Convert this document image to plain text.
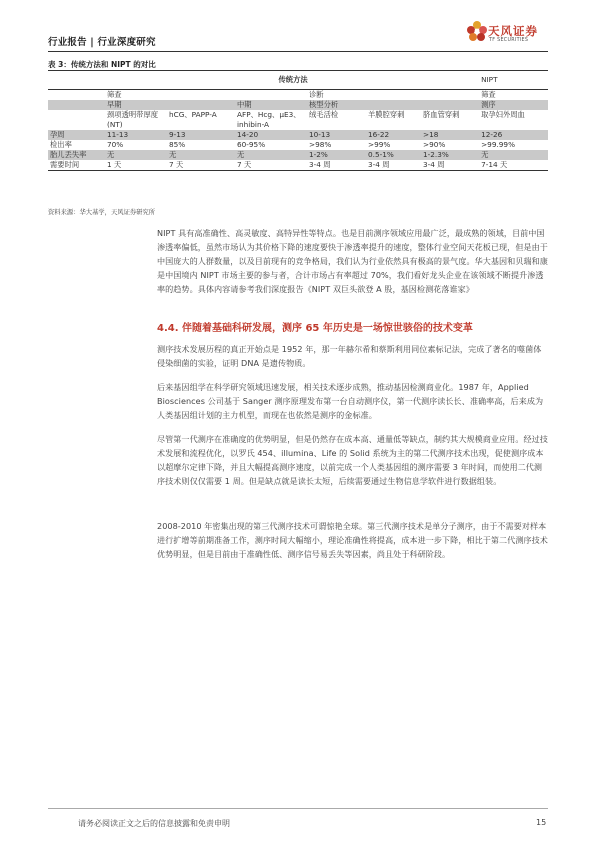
行业报告 | 行业深度研究
天风证券
TF SECURITIES
表 3：传统方法和 NIPT 的对比
	传统方法						NIPT
	筛查			诊断			筛查
	早期		中期	核型分析			测序
	颈项透明带厚度(NT)	hCG、PAPP-A	AFP、Hcg、μE3、inhibin-A	绒毛活检	羊膜腔穿刺	脐血管穿刺	取孕妇外周血
孕周	11-13	9-13	14-20	10-13	16-22	>18	12-26
检出率	70%	85%	60-95%	>98%	>99%	>90%	>99.99%
胎儿丢失率	无	无	无	1-2%	0.5-1%	1-2.3%	无
需要时间	1 天	7 天	7 天	3-4 周	3-4 周	3-4 周	7-14 天
资料来源：华大基学，天风证券研究所
NIPT 具有高准确性、高灵敏度、高特异性等特点。也是目前测序领域应用最广泛，最成熟的领域，目前中国渗透率偏低，虽然市场认为其价格下降的速度要快于渗透率提升的速度，整体行业空间天花板已现，但是由于中国庞大的人群数量，以及目前现有的竞争格局，我们认为行业依然具有极高的景气度。华大基因和贝瑞和康是中国境内 NIPT 市场主要的参与者，合计市场占有率超过 70%，我们看好龙头企业在该领域不断提升渗透率的趋势。具体内容请参考我们深度报告《NIPT 双巨头欲登 A 股，基因检测花落谁家》
4.4. 伴随着基础科研发展，测序 65 年历史是一场惊世骇俗的技术变革
测序技术发展历程的真正开始点是 1952 年，那一年赫尔希和蔡斯利用同位素标记法，完成了著名的噬菌体侵染细菌的实验，证明 DNA 是遗传物质。
后来基因组学在科学研究领域迅速发展，相关技术逐步成熟，推动基因检测商业化。1987 年，Applied Biosciences 公司基于 Sanger 测序原理发布第一台自动测序仪，第一代测序读长长、准确率高，后来成为人类基因组计划的主力机型，而现在也依然是测序的金标准。
尽管第一代测序在准确度的优势明显，但是仍然存在成本高、通量低等缺点，制约其大规模商业应用。经过技术发展和流程优化，以罗氏 454、illumina、Life 的 Solid 系统为主的第二代测序技术出现，促使测序成本以超摩尔定律下降，并且大幅提高测序速度，以前完成一个人类基因组的测序需要 3 年时间，而使用二代测序技术则仅仅需要 1 周。但是缺点就是读长太短，后续需要通过生物信息学软件进行数据组装。
2008-2010 年密集出现的第三代测序技术可谓惊艳全球。第三代测序技术是单分子测序，由于不需要对样本进行扩增等前期准备工作，测序时间大幅缩小，理论准确性将提高，成本进一步下降，相比于第二代测序技术优势明显，但是目前由于准确性低、测序信号易丢失等因素，尚且处于科研阶段。
请务必阅读正文之后的信息披露和免责申明	15
